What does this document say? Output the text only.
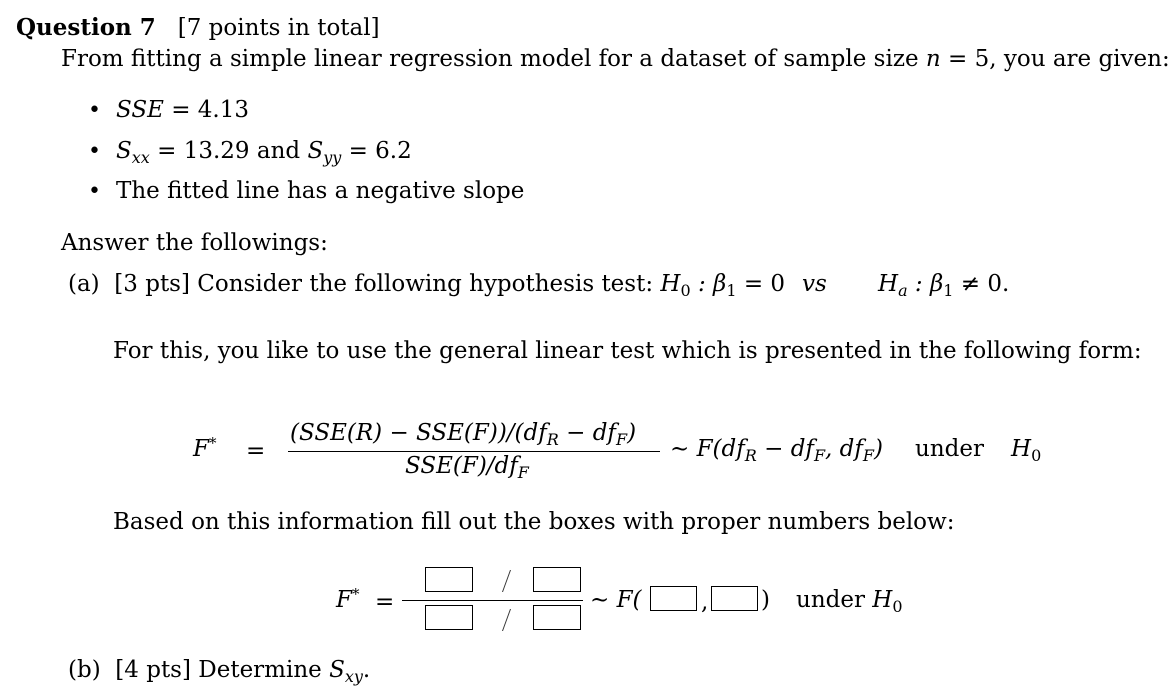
Question 7 [7 points in total]
From fitting a simple linear regression model for a dataset of sample size n = 5, you are given:
• SSE = 4.13
• $S_{xx} = 13.29$ and $S_{yy} = 6.2$
• The fitted line has a negative slope
Answer the followings:
(a) [3 pts] Consider the following hypothesis test: $H_0$ : $\beta_1 = 0$ vs $H_a$ : $\beta_1 \ne 0$.
For this, you like to use the general linear test which is presented in the following form:
F* =
$(SSE(R) - SSE(F))/(df_R - df_F)$
$SSE(F)/df_F$
∼ $F(df_R - df_F$, $df_F$) under $H_0$
Based on this information fill out the boxes with proper numbers below:
F* =	∼ F(	, ) under $H_0$
(b) [4 pts] Determine $S_{xy}$.
